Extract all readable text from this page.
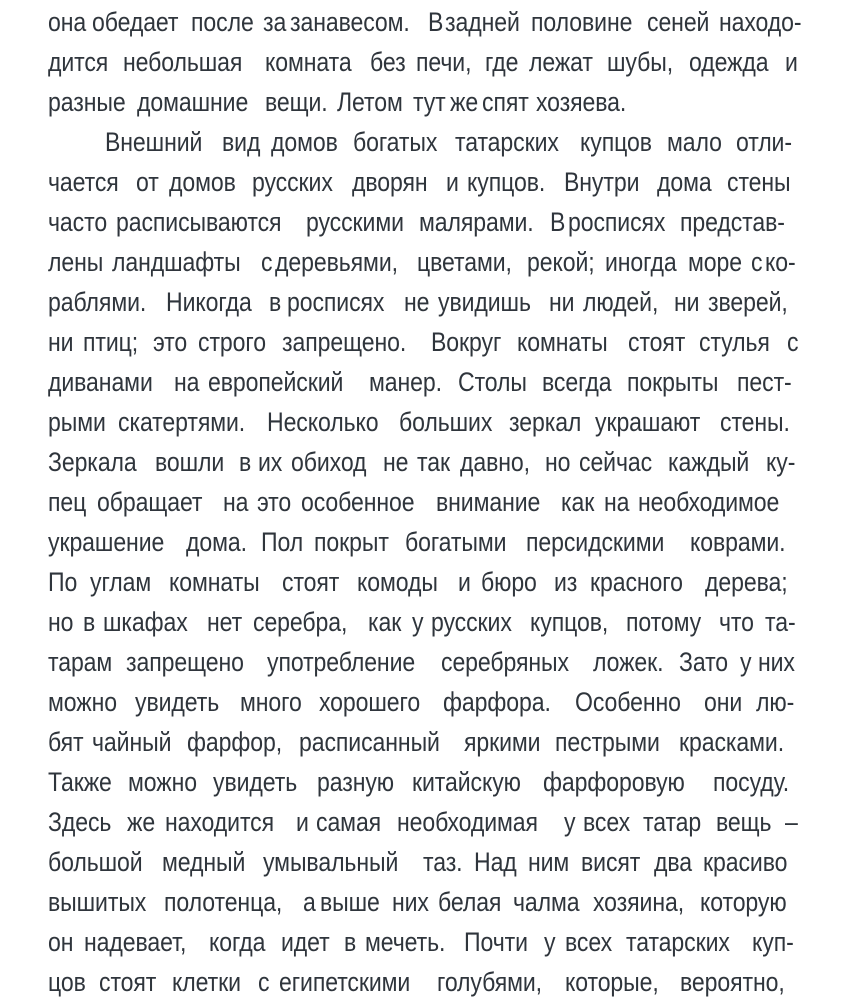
она обедает после за занавесом. В задней половине сеней находо-
дится небольшая комната без печи, где лежат шубы, одежда и
разные домашние вещи. Летом тут же спят хозяева.
Внешний вид домов богатых татарских купцов мало отли-
чается от домов русских дворян и купцов. Внутри дома стены
часто расписываются русскими малярами. В росписях представ-
лены ландшафты с деревьями, цветами, рекой; иногда море с ко-
раблями. Никогда в росписях не увидишь ни людей, ни зверей,
ни птиц; это строго запрещено. Вокруг комнаты стоят стулья с
диванами на европейский манер. Столы всегда покрыты пест-
рыми скатертями. Несколько больших зеркал украшают стены.
Зеркала вошли в их обиход не так давно, но сейчас каждый ку-
пец обращает на это особенное внимание как на необходимое
украшение дома. Пол покрыт богатыми персидскими коврами.
По углам комнаты стоят комоды и бюро из красного дерева;
но в шкафах нет серебра, как у русских купцов, потому что та-
тарам запрещено употребление серебряных ложек. Зато у них
можно увидеть много хорошего фарфора. Особенно они лю-
бят чайный фарфор, расписанный яркими пестрыми красками.
Также можно увидеть разную китайскую фарфоровую посуду.
Здесь же находится и самая необходимая у всех татар вещь –
большой медный умывальный таз. Над ним висят два красиво
вышитых полотенца, а выше них белая чалма хозяина, которую
он надевает, когда идет в мечеть. Почти у всех татарских куп-
цов стоят клетки с египетскими голубями, которые, вероятно,
